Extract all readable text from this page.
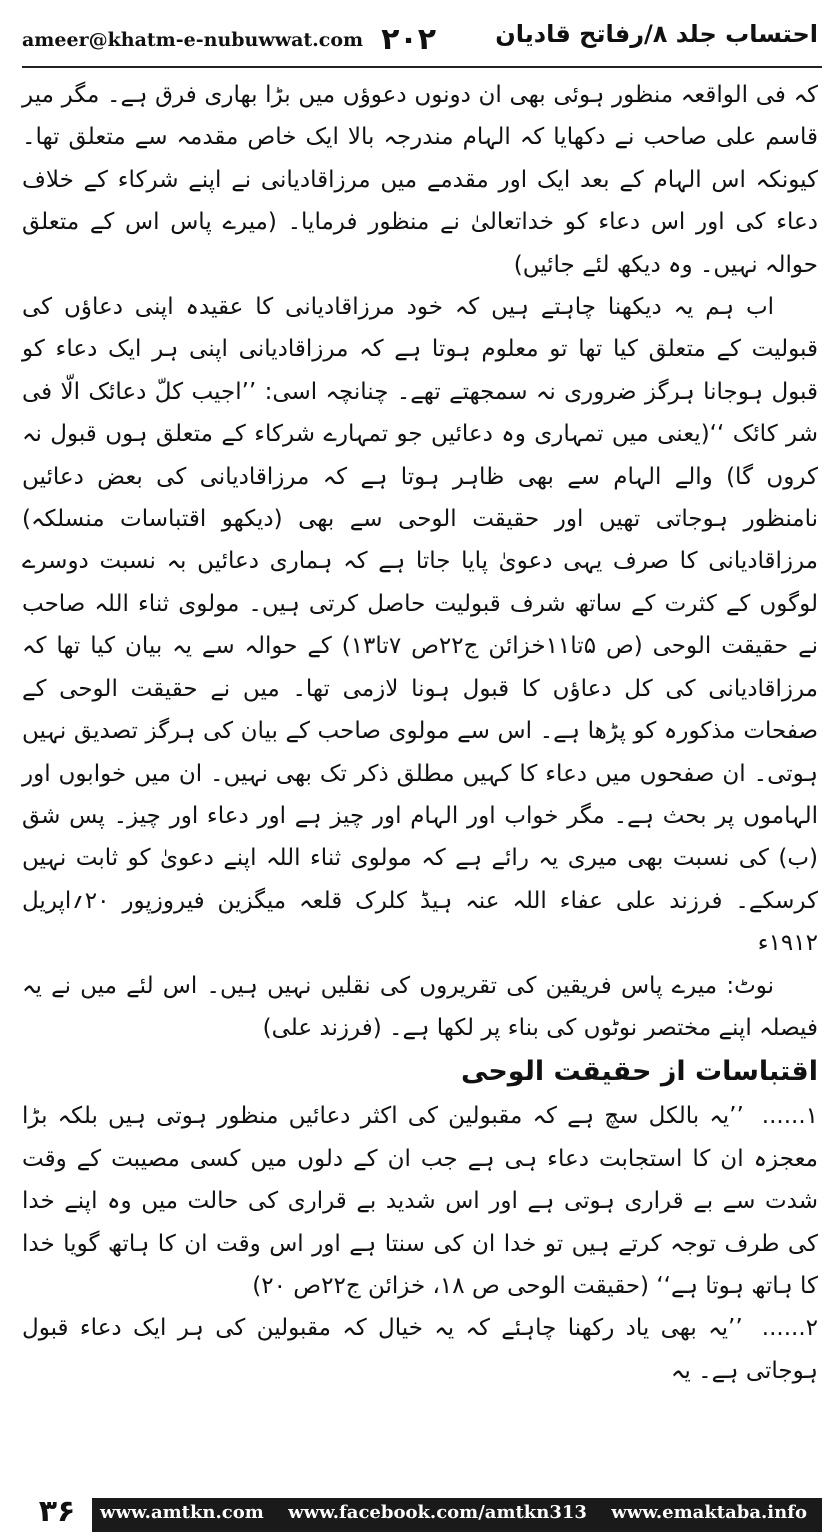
ameer@khatm-e-nubuwwat.com ۲۰۲ احتساب جلد ۸/رفاتح قادیان

کہ فی الواقعہ منظور ہوئی بھی ان دونوں دعوؤں میں بڑا بھاری فرق ہے۔ مگر میر قاسم علی صاحب نے دکھایا کہ الہام مندرجہ بالا ایک خاص مقدمہ سے متعلق تھا۔ کیونکہ اس الہام کے بعد ایک اور مقدمے میں مرزاقادیانی نے اپنے شرکاء کے خلاف دعاء کی اور اس دعاء کو خداتعالیٰ نے منظور فرمایا۔ (میرے پاس اس کے متعلق حوالہ نہیں۔ وہ دیکھ لئے جائیں)

اب ہم یہ دیکھنا چاہتے ہیں کہ خود مرزاقادیانی کا عقیدہ اپنی دعاؤں کی قبولیت کے متعلق کیا تھا تو معلوم ہوتا ہے کہ مرزاقادیانی اپنی ہر ایک دعاء کو قبول ہوجانا ہرگز ضروری نہ سمجھتے تھے۔ چنانچہ اسی: ’’اجیب کلّ دعائک الّا فی شر کائک ‘‘(یعنی میں تمہاری وہ دعائیں جو تمہارے شرکاء کے متعلق ہوں قبول نہ کروں گا) والے الہام سے بھی ظاہر ہوتا ہے کہ مرزاقادیانی کی بعض دعائیں نامنظور ہوجاتی تھیں اور حقیقت الوحی سے بھی (دیکھو اقتباسات منسلکہ) مرزاقادیانی کا صرف یہی دعویٰ پایا جاتا ہے کہ ہماری دعائیں بہ نسبت دوسرے لوگوں کے کثرت کے ساتھ شرف قبولیت حاصل کرتی ہیں۔ مولوی ثناء اللہ صاحب نے حقیقت الوحی (ص ۵تا۱۱خزائن ج۲۲ص ۷تا۱۳) کے حوالہ سے یہ بیان کیا تھا کہ مرزاقادیانی کی کل دعاؤں کا قبول ہونا لازمی تھا۔ میں نے حقیقت الوحی کے صفحات مذکورہ کو پڑھا ہے۔ اس سے مولوی صاحب کے بیان کی ہرگز تصدیق نہیں ہوتی۔ ان صفحوں میں دعاء کا کہیں مطلق ذکر تک بھی نہیں۔ ان میں خوابوں اور الہاموں پر بحث ہے۔ مگر خواب اور الہام اور چیز ہے اور دعاء اور چیز۔ پس شق (ب) کی نسبت بھی میری یہ رائے ہے کہ مولوی ثناء اللہ اپنے دعویٰ کو ثابت نہیں کرسکے۔ فرزند علی عفاء اللہ عنہ ہیڈ کلرک قلعہ میگزین فیروزپور ۲۰؍اپریل ۱۹۱۲ء

نوٹ: میرے پاس فریقین کی تقریروں کی نقلیں نہیں ہیں۔ اس لئے میں نے یہ فیصلہ اپنے مختصر نوٹوں کی بناء پر لکھا ہے۔ (فرزند علی)

اقتباسات از حقیقت الوحی

۱...... ’’یہ بالکل سچ ہے کہ مقبولین کی اکثر دعائیں منظور ہوتی ہیں بلکہ بڑا معجزہ ان کا استجابت دعاء ہی ہے جب ان کے دلوں میں کسی مصیبت کے وقت شدت سے بے قراری ہوتی ہے اور اس شدید بے قراری کی حالت میں وہ اپنے خدا کی طرف توجہ کرتے ہیں تو خدا ان کی سنتا ہے اور اس وقت ان کا ہاتھ گویا خدا کا ہاتھ ہوتا ہے‘‘ (حقیقت الوحی ص ۱۸، خزائن ج۲۲ص ۲۰)

۲...... ’’یہ بھی یاد رکھنا چاہئے کہ یہ خیال کہ مقبولین کی ہر ایک دعاء قبول ہوجاتی ہے۔ یہ

۳۶	www.amtkn.com www.facebook.com/amtkn313 www.emaktaba.info
